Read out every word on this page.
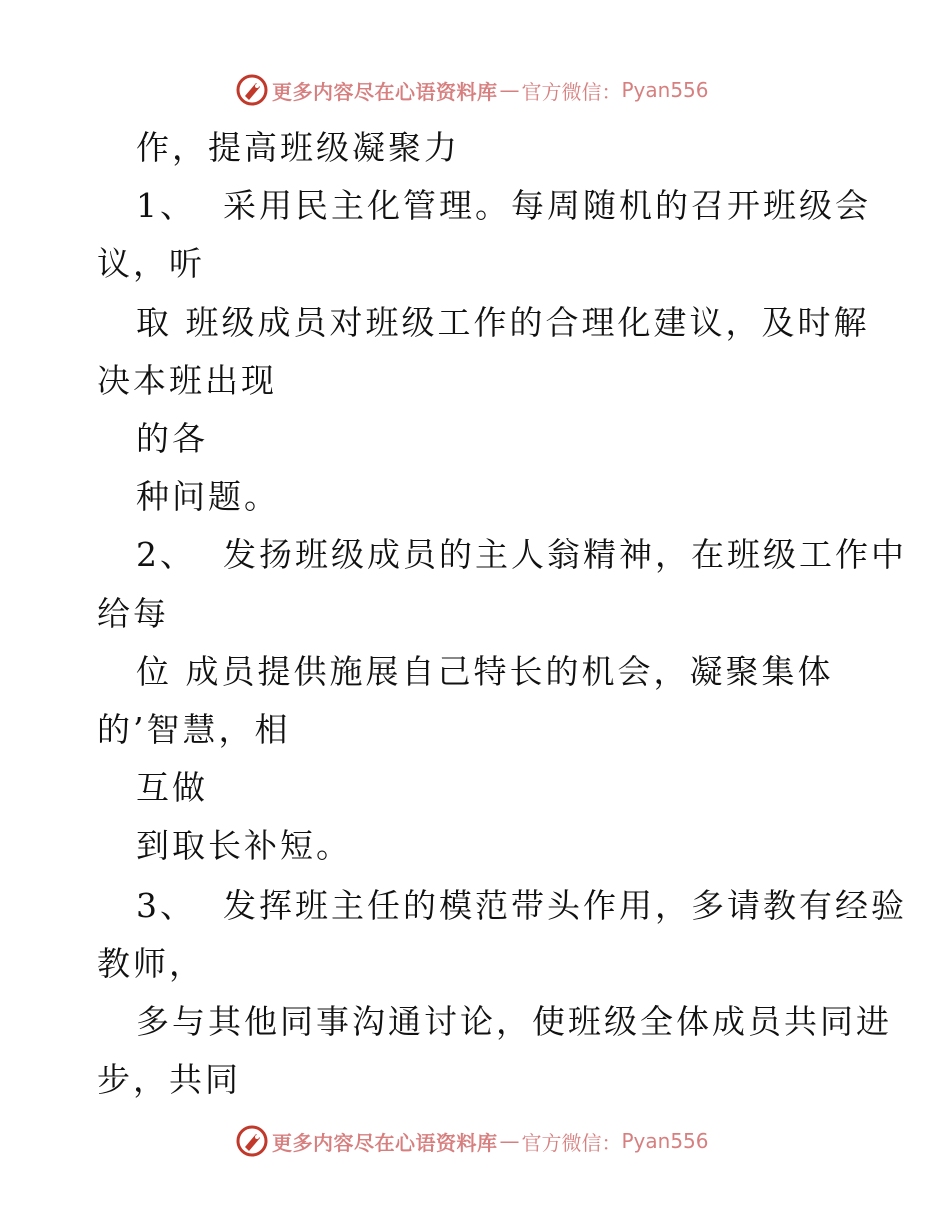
更多内容尽在心语资料库 — 官方微信： Pyan556
作，提高班级凝聚力
1、  采用民主化管理。每周随机的召开班级会
议，听
取 班级成员对班级工作的合理化建议，及时解
决本班出现
的各
种问题。
2、  发扬班级成员的主人翁精神，在班级工作中
给每
位 成员提供施展自己特长的机会，凝聚集体
的’智慧，相
互做
到取长补短。
3、  发挥班主任的模范带头作用，多请教有经验
教师，
多与其他同事沟通讨论，使班级全体成员共同进
步，共同
更多内容尽在心语资料库 — 官方微信： Pyan556
